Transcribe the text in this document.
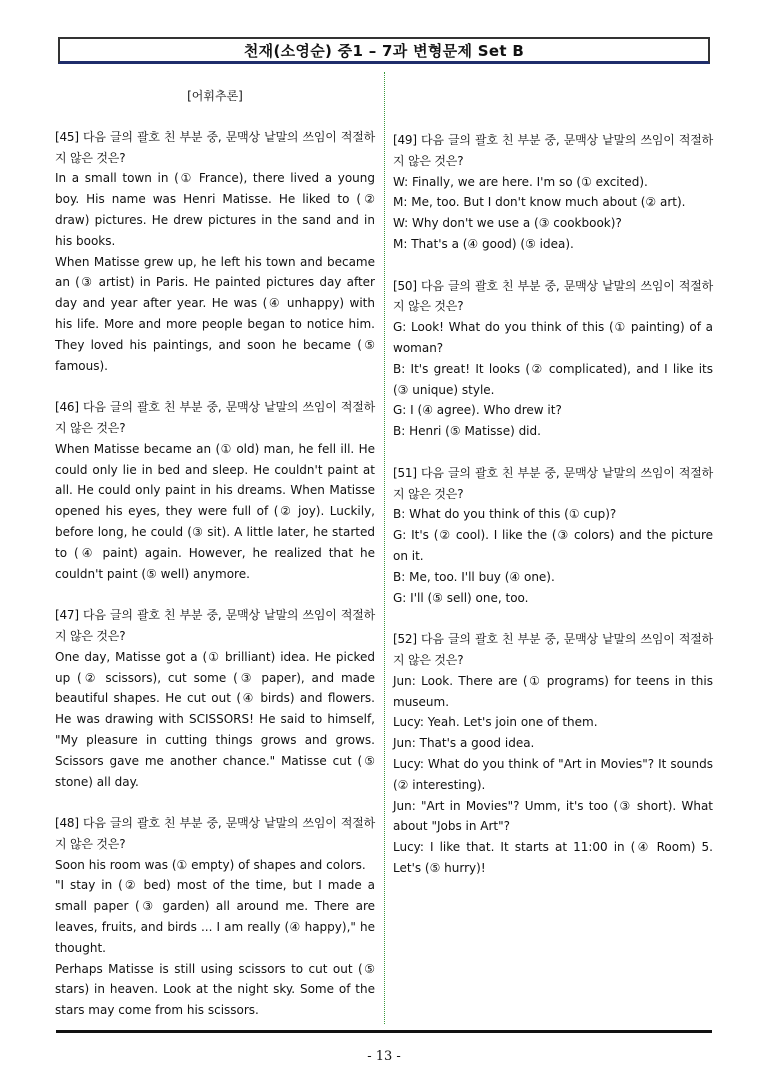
천재(소영순) 중1 – 7과 변형문제 Set B
[어휘추론]

[45] 다음 글의 괄호 친 부분 중, 문맥상 낱말의 쓰임이 적절하지 않은 것은?

In a small town in (① France), there lived a young boy. His name was Henri Matisse. He liked to (② draw) pictures. He drew pictures in the sand and in his books.

When Matisse grew up, he left his town and became an (③ artist) in Paris. He painted pictures day after day and year after year. He was (④ unhappy) with his life. More and more people began to notice him. They loved his paintings, and soon he became (⑤ famous).

[46] 다음 글의 괄호 친 부분 중, 문맥상 낱말의 쓰임이 적절하지 않은 것은?

When Matisse became an (① old) man, he fell ill. He could only lie in bed and sleep. He couldn't paint at all. He could only paint in his dreams. When Matisse opened his eyes, they were full of (② joy). Luckily, before long, he could (③ sit). A little later, he started to (④ paint) again. However, he realized that he couldn't paint (⑤ well) anymore.

[47] 다음 글의 괄호 친 부분 중, 문맥상 낱말의 쓰임이 적절하지 않은 것은?

One day, Matisse got a (① brilliant) idea. He picked up (② scissors), cut some (③ paper), and made beautiful shapes. He cut out (④ birds) and flowers. He was drawing with SCISSORS! He said to himself, "My pleasure in cutting things grows and grows. Scissors gave me another chance." Matisse cut (⑤ stone) all day.

[48] 다음 글의 괄호 친 부분 중, 문맥상 낱말의 쓰임이 적절하지 않은 것은?

Soon his room was (① empty) of shapes and colors.

"I stay in (② bed) most of the time, but I made a small paper (③ garden) all around me. There are leaves, fruits, and birds ... I am really (④ happy)," he thought.

Perhaps Matisse is still using scissors to cut out (⑤ stars) in heaven. Look at the night sky. Some of the stars may come from his scissors.

[49] 다음 글의 괄호 친 부분 중, 문맥상 낱말의 쓰임이 적절하지 않은 것은?

W: Finally, we are here. I'm so (① excited).

M: Me, too. But I don't know much about (② art).

W: Why don't we use a (③ cookbook)?

M: That's a (④ good) (⑤ idea).

[50] 다음 글의 괄호 친 부분 중, 문맥상 낱말의 쓰임이 적절하지 않은 것은?

G: Look! What do you think of this (① painting) of a woman?

B: It's great! It looks (② complicated), and I like its (③ unique) style.

G: I (④ agree). Who drew it?

B: Henri (⑤ Matisse) did.

[51] 다음 글의 괄호 친 부분 중, 문맥상 낱말의 쓰임이 적절하지 않은 것은?

B: What do you think of this (① cup)?

G: It's (② cool). I like the (③ colors) and the picture on it.

B: Me, too. I'll buy (④ one).

G: I'll (⑤ sell) one, too.

[52] 다음 글의 괄호 친 부분 중, 문맥상 낱말의 쓰임이 적절하지 않은 것은?

Jun: Look. There are (① programs) for teens in this museum.

Lucy: Yeah. Let's join one of them.

Jun: That's a good idea.

Lucy: What do you think of "Art in Movies"? It sounds (② interesting).

Jun: "Art in Movies"? Umm, it's too (③ short). What about "Jobs in Art"?

Lucy: I like that. It starts at 11:00 in (④ Room) 5. Let's (⑤ hurry)!

- 13 -
